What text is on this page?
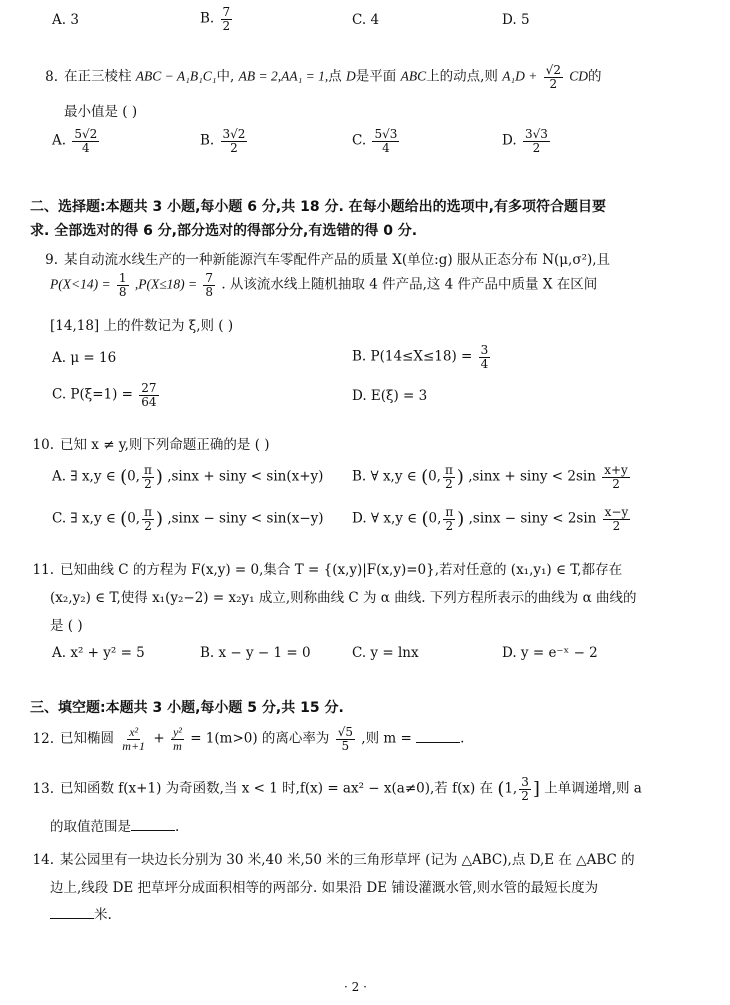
A. 3	B. $\frac{7}{2}$	C. 4	D. 5
8. 在正三棱柱 ABC − A₁B₁C₁中, AB = 2,AA₁ = 1,点 D是平面 ABC上的动点,则 $A_1D + \frac{√2}{2}$ CD的
最小值是 ( )
A. $\frac{5√2}{4}$	B. $\frac{3√2}{2}$	C. $\frac{5√3}{4}$	D. $\frac{3√3}{2}$
二、选择题:本题共 3 小题,每小题 6 分,共 18 分. 在每小题给出的选项中,有多项符合题目要
求. 全部选对的得 6 分,部分选对的得部分分,有选错的得 0 分.
9. 某自动流水线生产的一种新能源汽车零配件产品的质量 X(单位:g) 服从正态分布 N(μ,σ²),且
$P(X<14) = \frac{1}{8} ,P(X\le 18) = \frac{7}{8}$ . 从该流水线上随机抽取 4 件产品,这 4 件产品中质量 X 在区间
[14,18] 上的件数记为 ξ,则 ( )
A. μ = 16	B. $P(14\le X\le 18) = \frac{3}{4}$
C. $P(\xi=1) = \frac{27}{64}$	D. E(ξ) = 3
10. 已知 x ≠ y,则下列命题正确的是 ( )
A. ∃ x,y ∈ (0, $\frac{\pi}{2}$ ) ,sinx + siny < sin(x+y) B. ∀ x,y ∈ (0, $\frac{\pi}{2}$ ) $,\sin x + \sin y < 2\sin \frac{x+y}{2}$
C. ∃ x,y ∈ (0, $\frac{\pi}{2}$ ) ,sinx − siny < sin(x−y) D. ∀ x,y ∈ (0, $\frac{\pi}{2}$ ) $,\sin x - \sin y < 2\sin \frac{x-y}{2}$
11. 已知曲线 C 的方程为 F(x,y) = 0,集合 T = {(x,y)|F(x,y)=0},若对任意的 (x₁,y₁) ∈ T,都存在
(x₂,y₂) ∈ T,使得 x₁(y₂−2) = x₂y₁ 成立,则称曲线 C 为 α 曲线. 下列方程所表示的曲线为 α 曲线的
是 ( )
A. x² + y² = 5	B. x − y − 1 = 0	C. y = lnx	D. y = e⁻ˣ − 2
三、填空题:本题共 3 小题,每小题 5 分,共 15 分.
12. 已知椭圆 $\frac{\text{x²}}{m+1} + \frac{\text{y²}}{m} = 1(m>0)$ 的离心率为 $\frac{√5}{5}$ ,则 m =	.
13. 已知函数 f(x+1) 为奇函数,当 x < 1 时,f(x) = ax² − x(a≠0),若 f(x) 在 (1, $\frac{3}{2}$ ] 上单调递增,则 a
的取值范围是	.
14. 某公园里有一块边长分别为 30 米,40 米,50 米的三角形草坪 (记为 △ABC),点 D,E 在 △ABC 的
边上,线段 DE 把草坪分成面积相等的两部分. 如果沿 DE 铺设灌溉水管,则水管的最短长度为
米.
· 2 ·
